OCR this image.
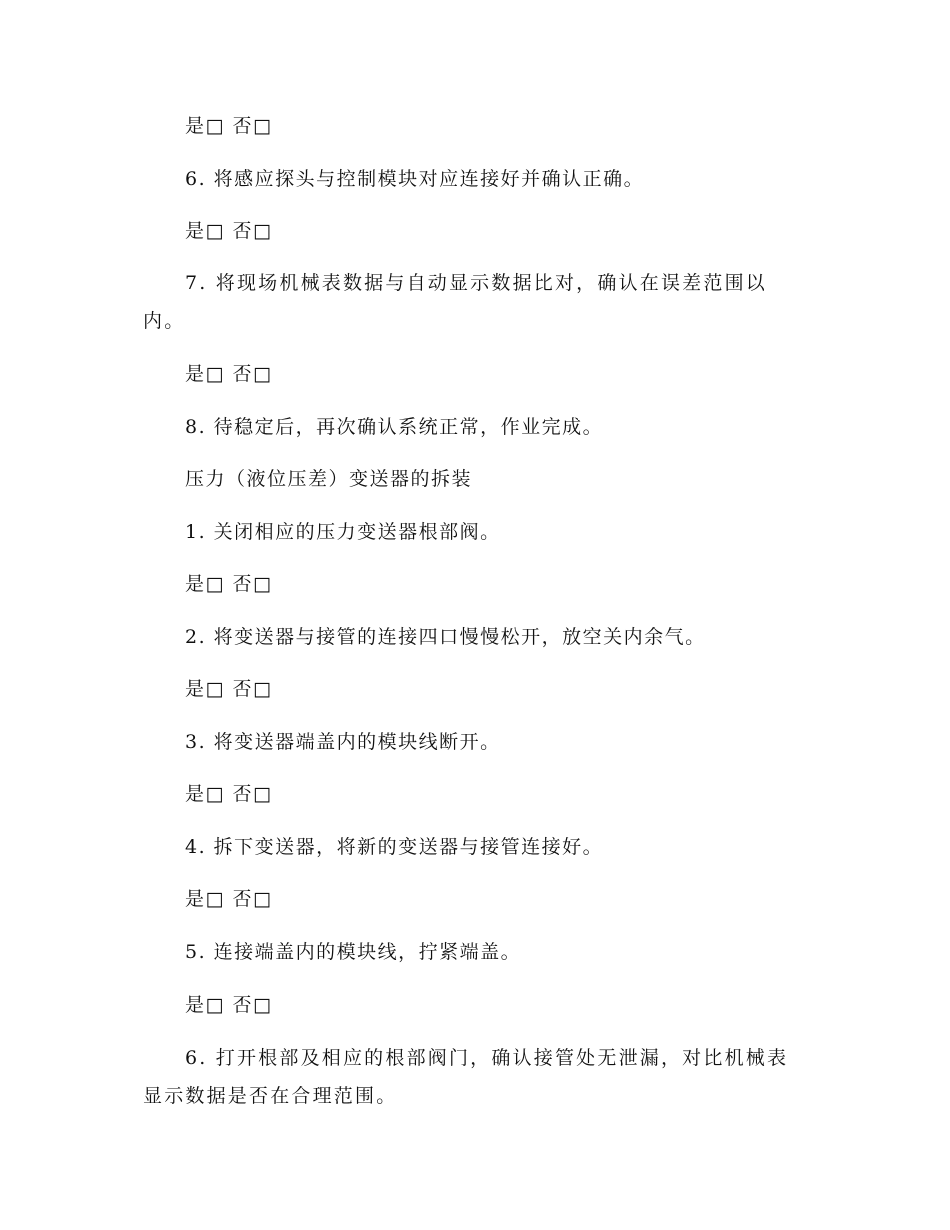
是□ 否□
6. 将感应探头与控制模块对应连接好并确认正确。
是□ 否□
7. 将现场机械表数据与自动显示数据比对，确认在误差范围以内。
是□ 否□
8. 待稳定后，再次确认系统正常，作业完成。
压力（液位压差）变送器的拆装
1. 关闭相应的压力变送器根部阀。
是□ 否□
2. 将变送器与接管的连接四口慢慢松开，放空关内余气。
是□ 否□
3. 将变送器端盖内的模块线断开。
是□ 否□
4. 拆下变送器，将新的变送器与接管连接好。
是□ 否□
5. 连接端盖内的模块线，拧紧端盖。
是□ 否□
6. 打开根部及相应的根部阀门，确认接管处无泄漏，对比机械表显示数据是否在合理范围。
